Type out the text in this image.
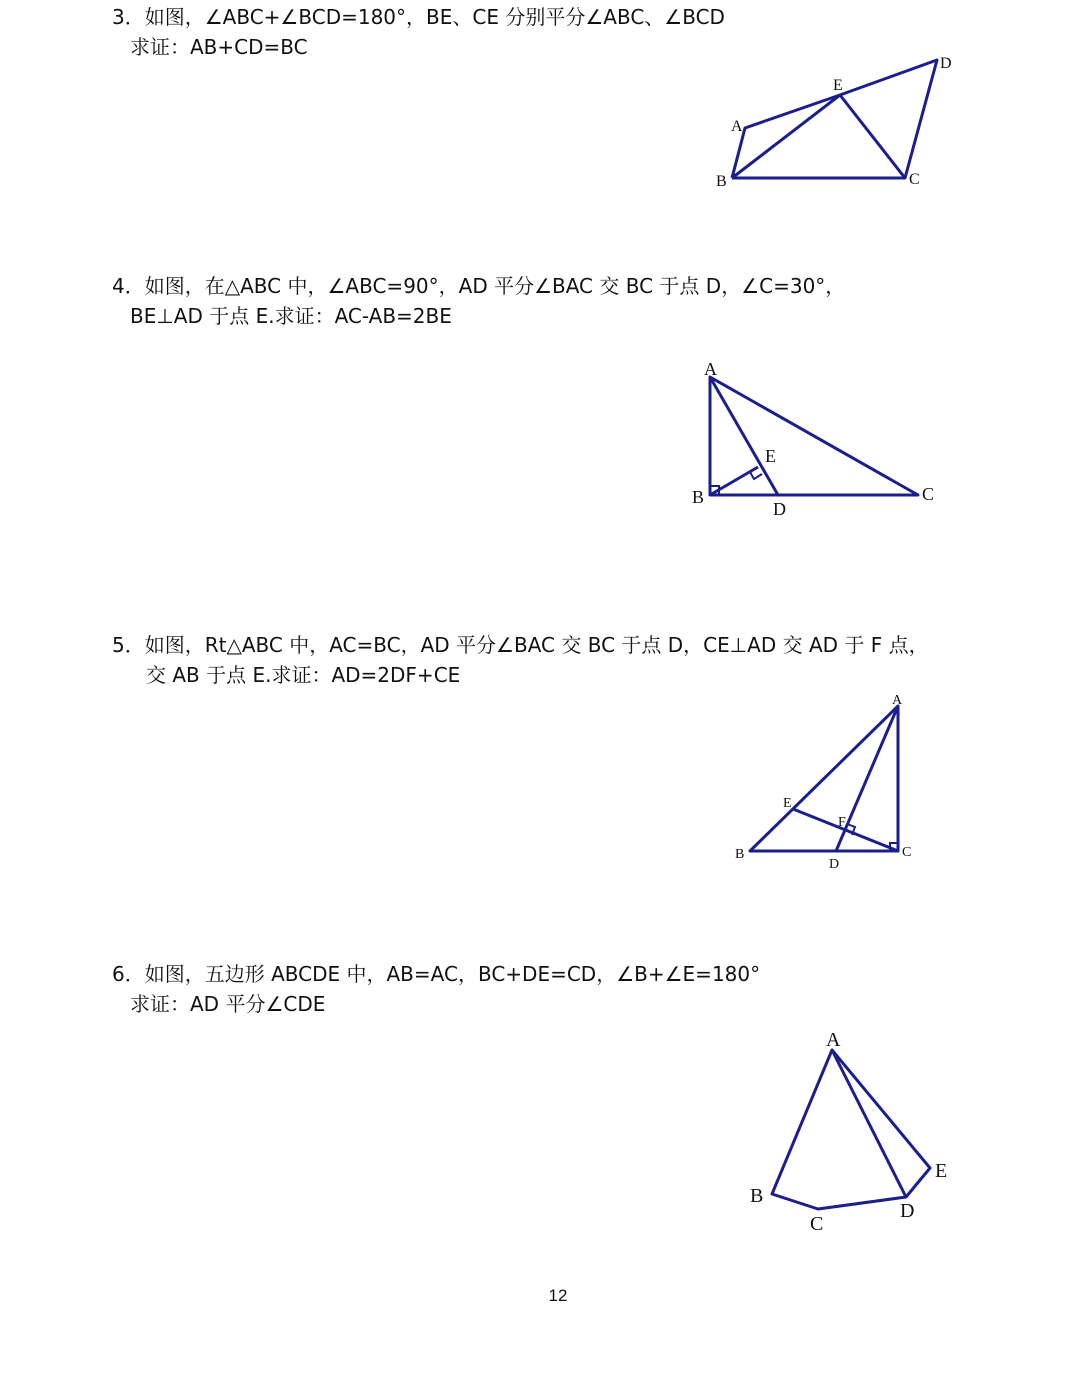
3．如图，∠ABC+∠BCD=180°，BE、CE 分别平分∠ABC、∠BCD
求证：AB+CD=BC
A
B	C
D
E
4．如图，在△ABC 中，∠ABC=90°，AD 平分∠BAC 交 BC 于点 D，∠C=30°，
BE⊥AD 于点 E.求证：AC-AB=2BE
A
B	C
D
E
5．如图，Rt△ABC 中，AC=BC，AD 平分∠BAC 交 BC 于点 D，CE⊥AD 交 AD 于 F 点，
交 AB 于点 E.求证：AD=2DF+CE
A
B	C
D
E
F
6．如图，五边形 ABCDE 中，AB=AC，BC+DE=CD，∠B+∠E=180°
求证：AD 平分∠CDE
A
B
C
D
E
12
